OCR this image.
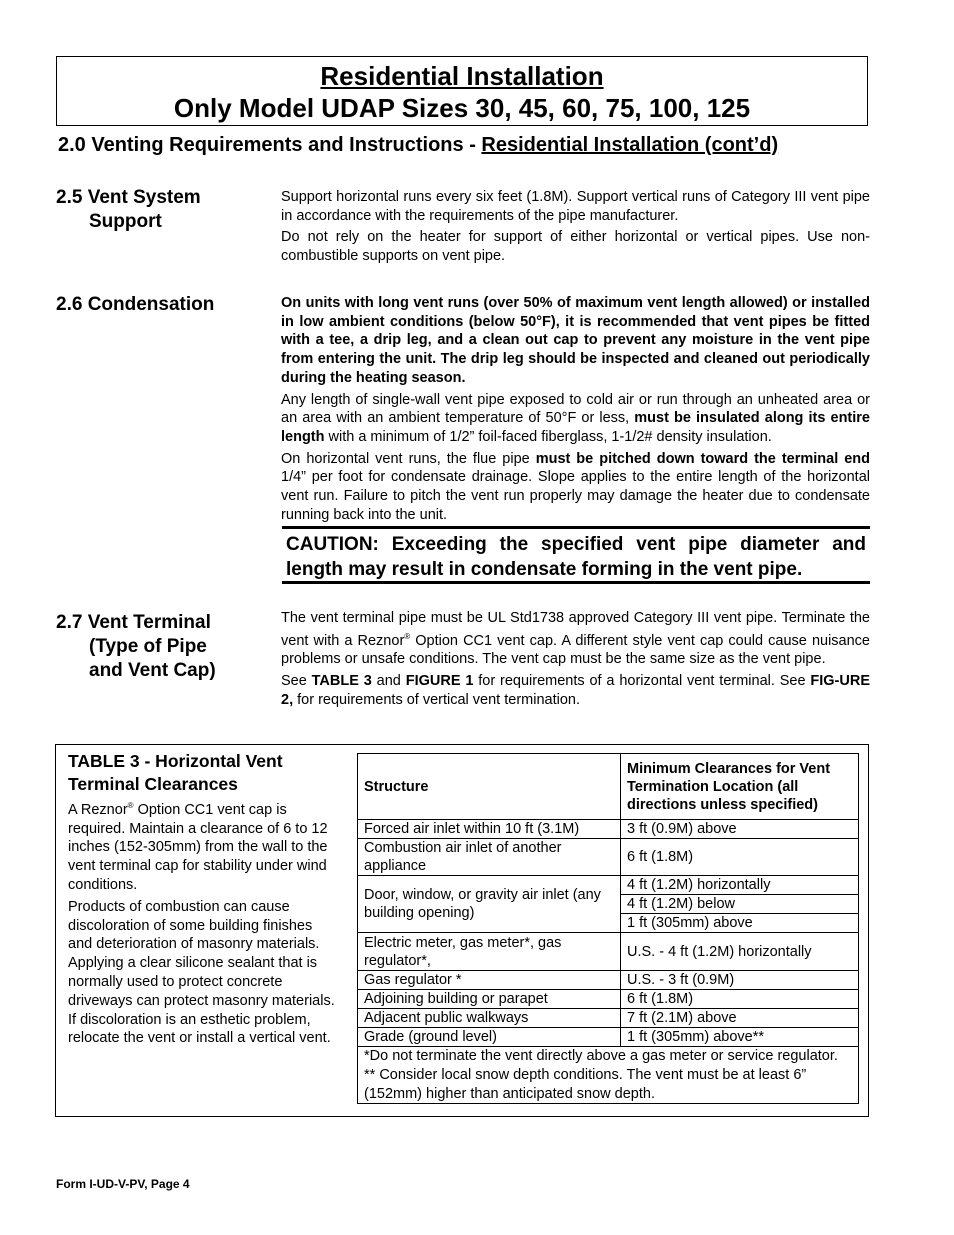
Residential Installation
Only Model UDAP Sizes 30, 45, 60, 75, 100, 125
2.0 Venting Requirements and Instructions - Residential Installation (cont’d)
2.5 Vent System
Support

Support horizontal runs every six feet (1.8M). Support vertical runs of Category III vent pipe in accordance with the requirements of the pipe manufacturer.

Do not rely on the heater for support of either horizontal or vertical pipes. Use non-combustible supports on vent pipe.

2.6 Condensation	On units with long vent runs (over 50% of maximum vent length allowed) or installed in low ambient conditions (below 50°F), it is recommended that vent pipes be fitted with a tee, a drip leg, and a clean out cap to prevent any moisture in the vent pipe from entering the unit. The drip leg should be inspected and cleaned out periodically during the heating season.

Any length of single-wall vent pipe exposed to cold air or run through an unheated area or an area with an ambient temperature of 50°F or less, must be insulated along its entire length with a minimum of 1/2” foil-faced fiberglass, 1-1/2# density insulation.

On horizontal vent runs, the flue pipe must be pitched down toward the terminal end 1/4” per foot for condensate drainage. Slope applies to the entire length of the horizontal vent run. Failure to pitch the vent run properly may damage the heater due to condensate running back into the unit.

CAUTION: Exceeding the specified vent pipe diameter and length may result in condensate forming in the vent pipe.
2.7 Vent Terminal
(Type of Pipe
and Vent Cap)

The vent terminal pipe must be UL Std1738 approved Category III vent pipe. Terminate the vent with a Reznor® Option CC1 vent cap. A different style vent cap could cause nuisance problems or unsafe conditions. The vent cap must be the same size as the vent pipe.

See TABLE 3 and FIGURE 1 for requirements of a horizontal vent terminal. See FIG-URE 2, for requirements of vertical vent termination.

TABLE 3 - Horizontal Vent
Terminal Clearances

A Reznor® Option CC1 vent cap is required. Maintain a clearance of 6 to 12 inches (152-305mm) from the wall to the vent terminal cap for stability under wind conditions.

Products of combustion can cause discoloration of some building finishes and deterioration of masonry materials. Applying a clear silicone sealant that is normally used to protect concrete driveways can protect masonry materials. If discoloration is an esthetic problem, relocate the vent or install a vertical vent.

Structure	Minimum Clearances for Vent Termination Location (all directions unless specified)
Forced air inlet within 10 ft (3.1M)	3 ft (0.9M) above
Combustion air inlet of another appliance	6 ft (1.8M)
Door, window, or gravity air inlet (any building opening)	4 ft (1.2M) horizontally
	4 ft (1.2M) below
	1 ft (305mm) above
Electric meter, gas meter*, gas regulator*,	U.S. - 4 ft (1.2M) horizontally
Gas regulator *	U.S. - 3 ft (0.9M)
Adjoining building or parapet	6 ft (1.8M)
Adjacent public walkways	7 ft (2.1M) above
Grade (ground level)	1 ft (305mm) above**

*Do not terminate the vent directly above a gas meter or service regulator.
** Consider local snow depth conditions. The vent must be at least 6” (152mm) higher than anticipated snow depth.	
Form I-UD-V-PV, Page 4
